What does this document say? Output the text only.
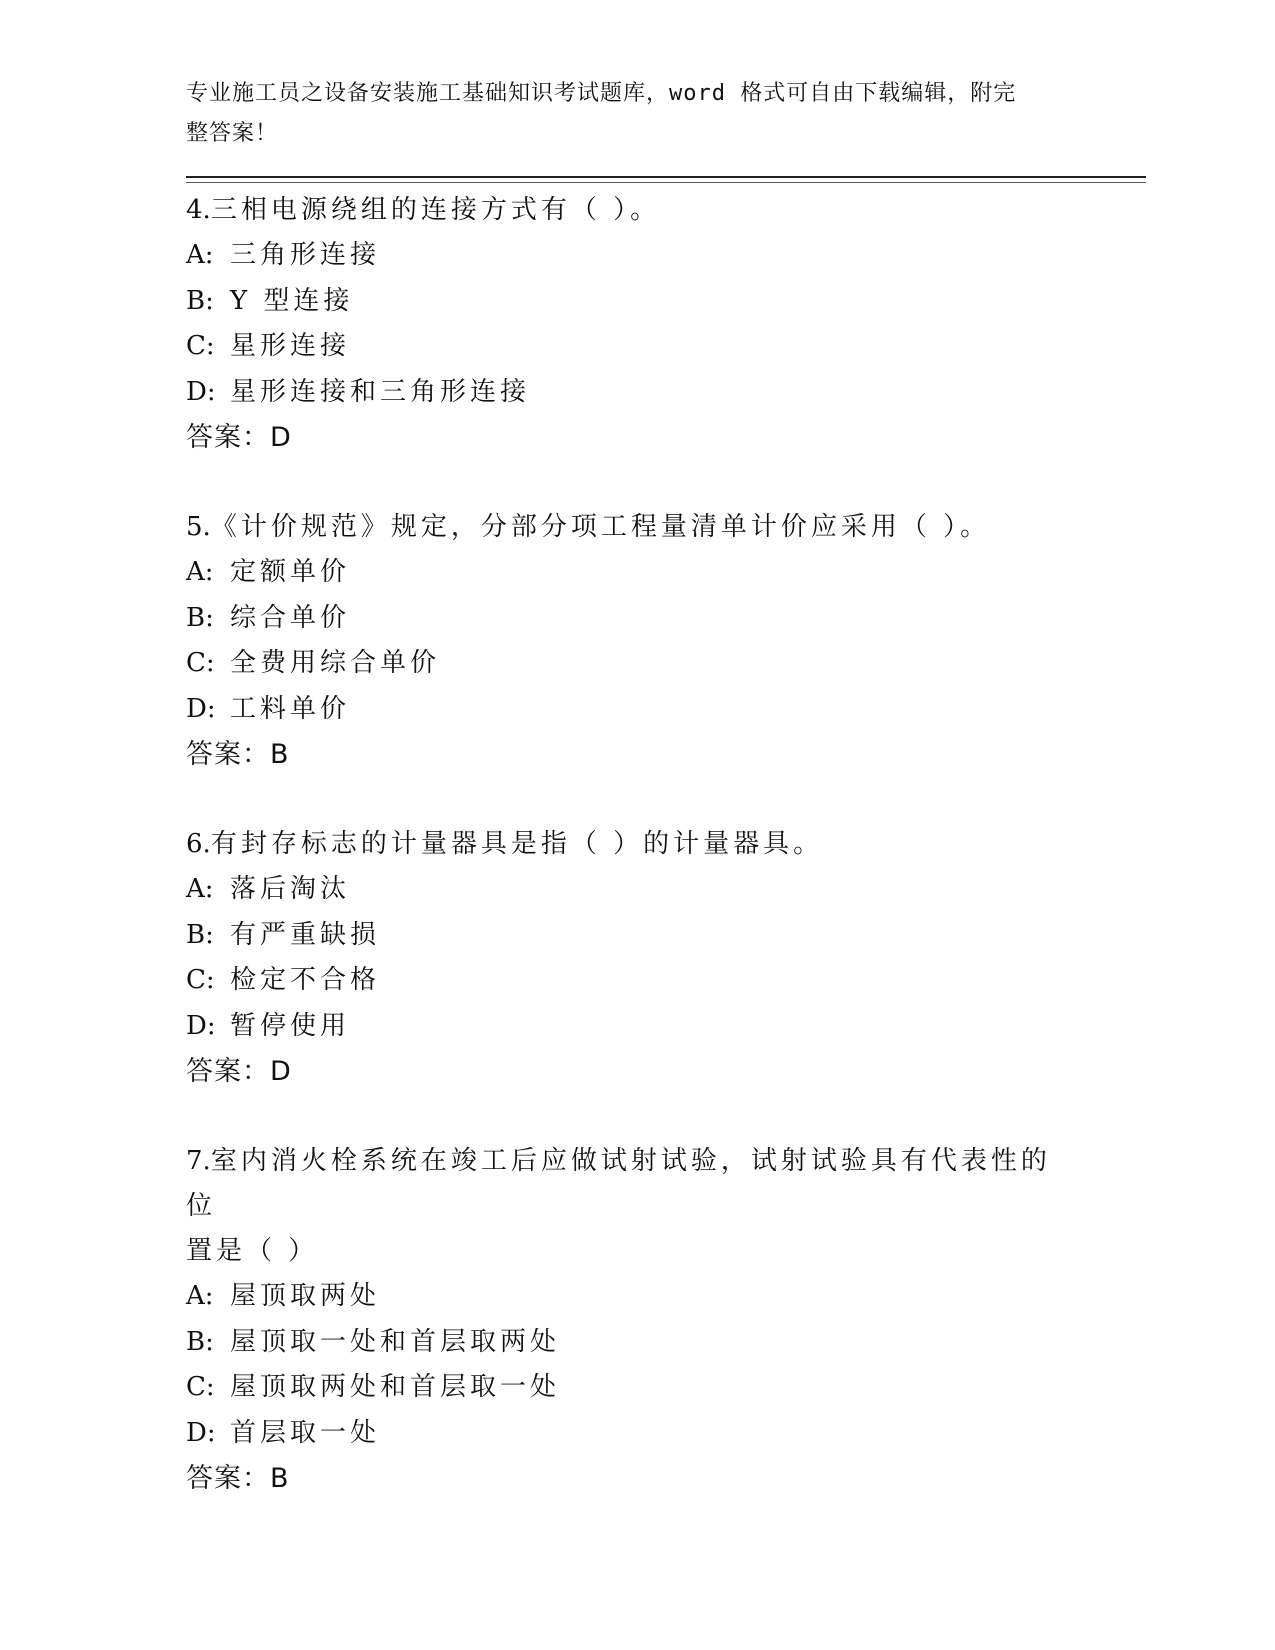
专业施工员之设备安装施工基础知识考试题库，word 格式可自由下载编辑，附完
整答案！
4.三相电源绕组的连接方式有（ ）。
A: 三角形连接
B: Y 型连接
C: 星形连接
D: 星形连接和三角形连接
答案：D
5.《计价规范》规定，分部分项工程量清单计价应采用（ ）。
A: 定额单价
B: 综合单价
C: 全费用综合单价
D: 工料单价
答案：B
6.有封存标志的计量器具是指（ ）的计量器具。
A: 落后淘汰
B: 有严重缺损
C: 检定不合格
D: 暂停使用
答案：D
7.室内消火栓系统在竣工后应做试射试验，试射试验具有代表性的位
置是（ ）
A: 屋顶取两处
B: 屋顶取一处和首层取两处
C: 屋顶取两处和首层取一处
D: 首层取一处
答案：B
